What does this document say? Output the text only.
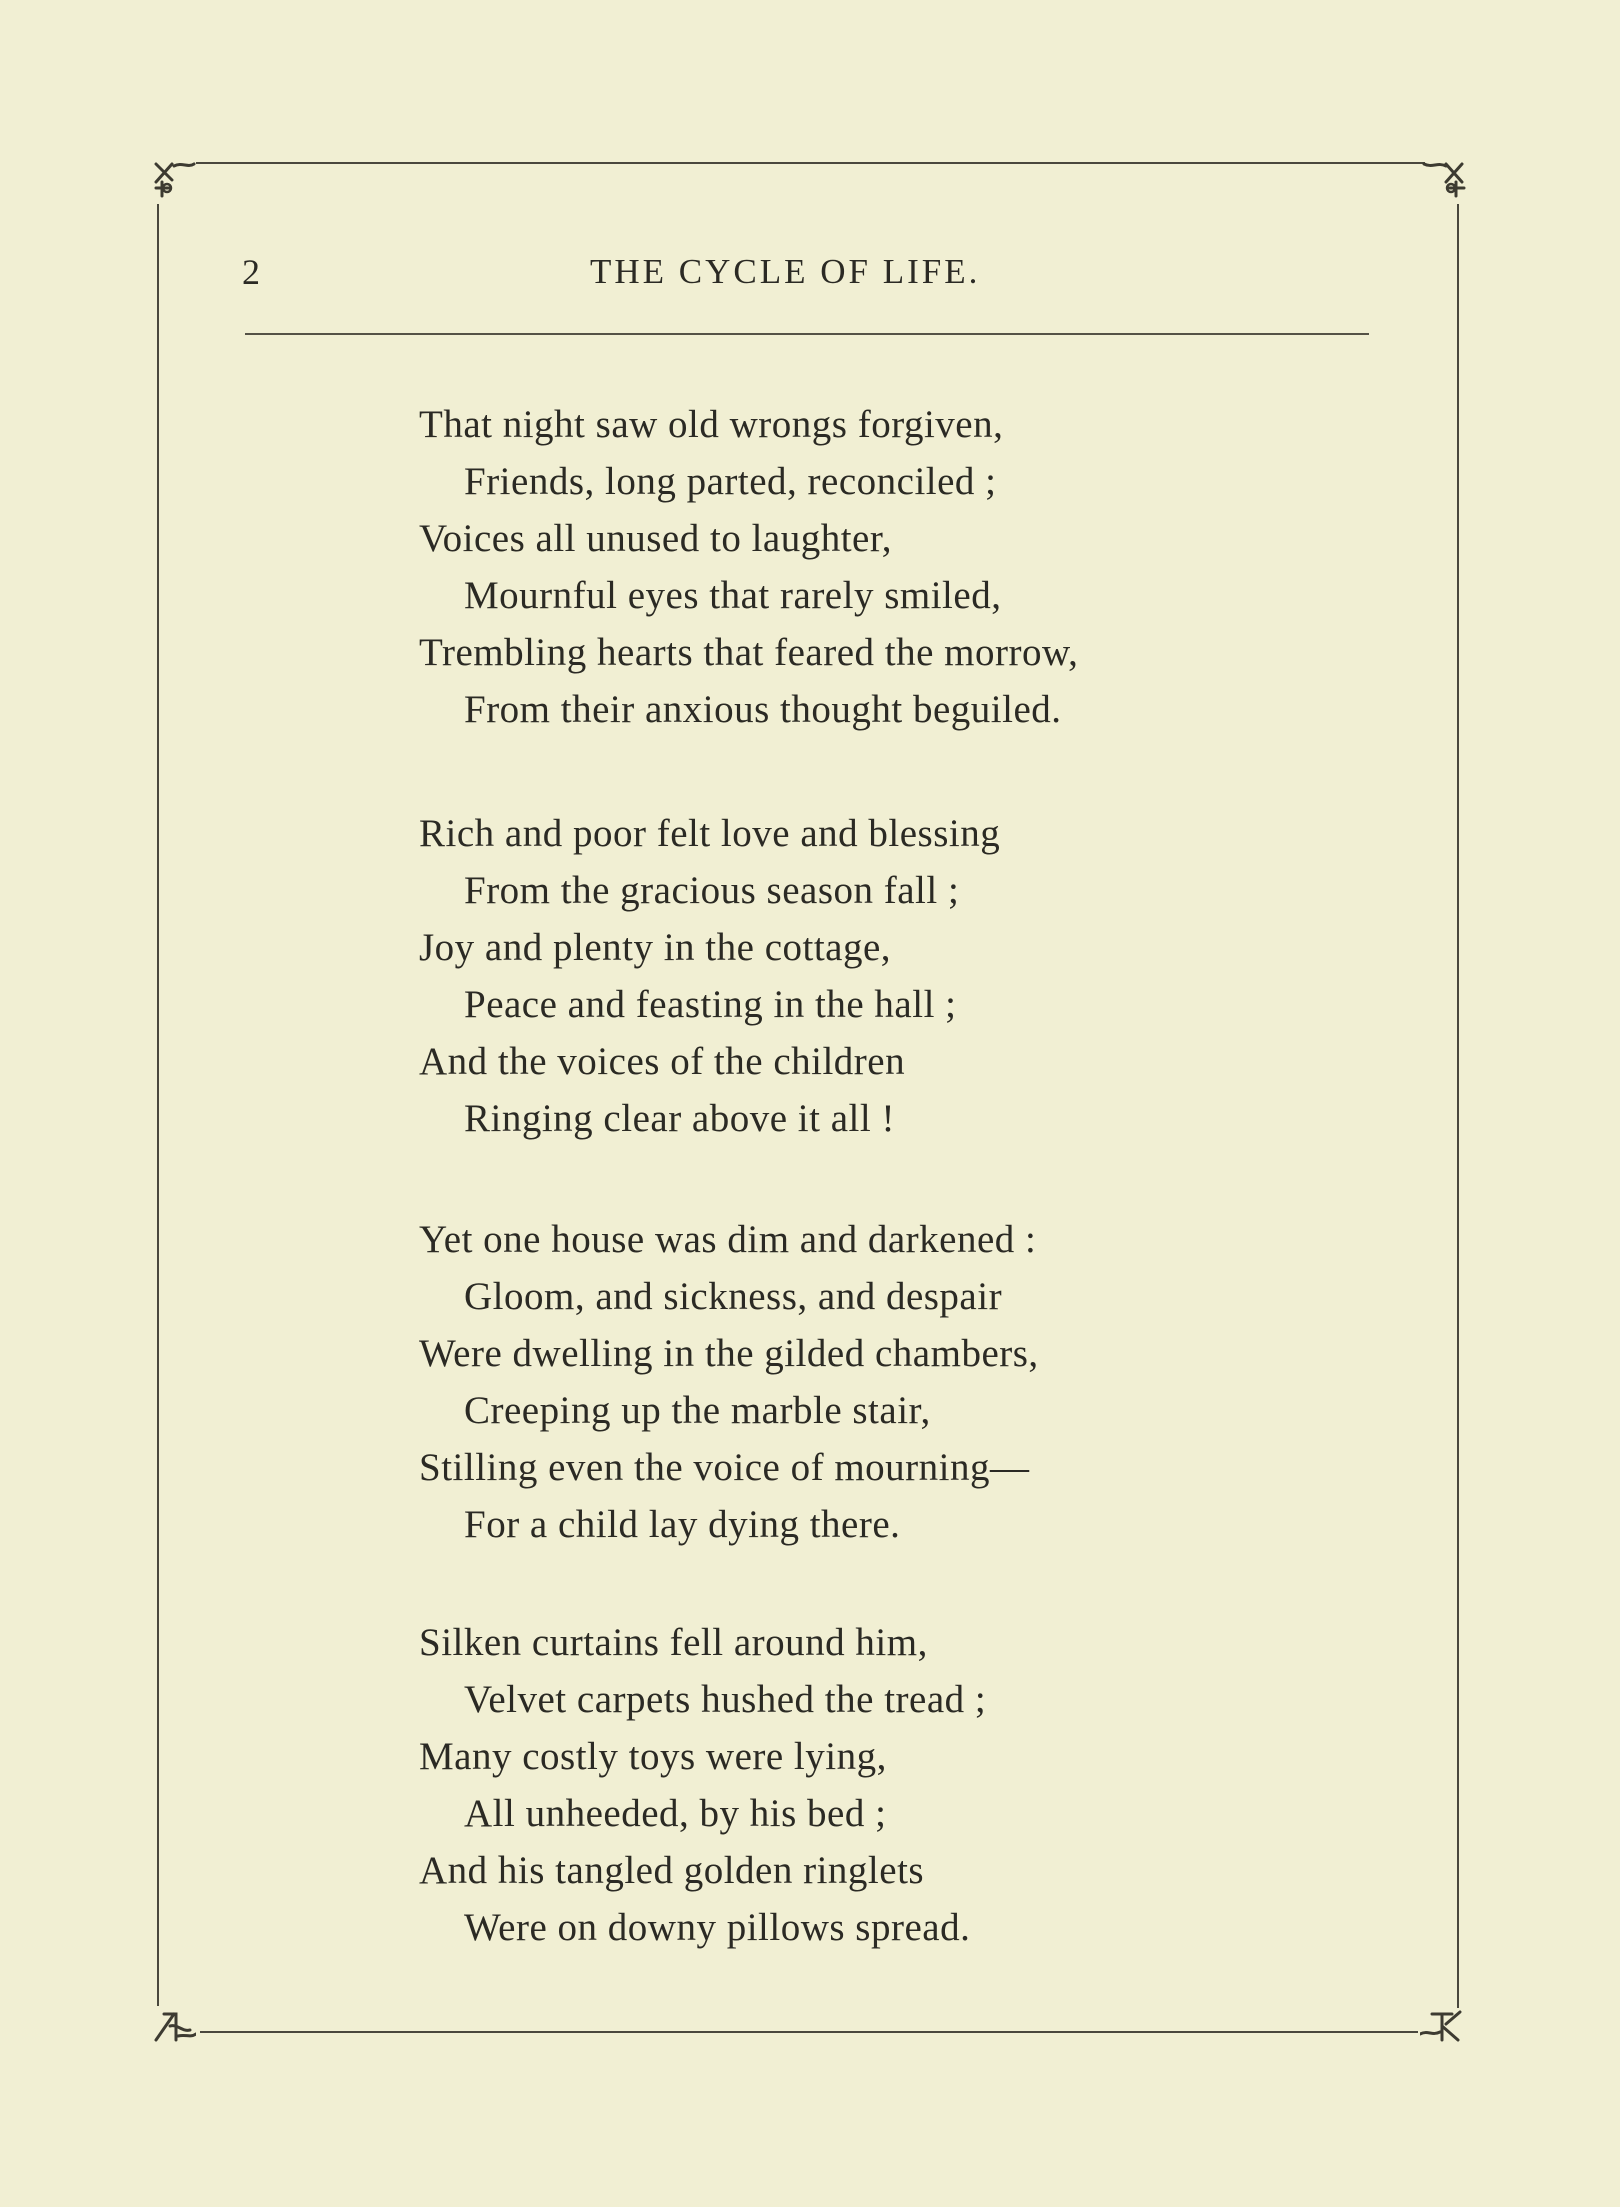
2	THE CYCLE OF LIFE.
That night saw old wrongs forgiven,
Friends, long parted, reconciled ;
Voices all unused to laughter,
Mournful eyes that rarely smiled,
Trembling hearts that feared the morrow,
From their anxious thought beguiled.
Rich and poor felt love and blessing
From the gracious season fall ;
Joy and plenty in the cottage,
Peace and feasting in the hall ;
And the voices of the children
Ringing clear above it all !
Yet one house was dim and darkened :
Gloom, and sickness, and despair
Were dwelling in the gilded chambers,
Creeping up the marble stair,
Stilling even the voice of mourning—
For a child lay dying there.
Silken curtains fell around him,
Velvet carpets hushed the tread ;
Many costly toys were lying,
All unheeded, by his bed ;
And his tangled golden ringlets
Were on downy pillows spread.
